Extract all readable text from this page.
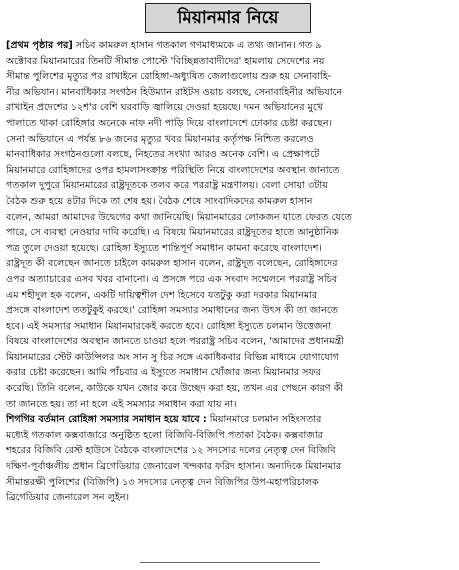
মিয়ানমার নিয়ে
[প্রথম পৃষ্ঠার পর] সচিব কামরুল হাসান গতকাল গণমাধ্যমকে এ তথ্য জানান। গত ৯
অক্টোবর মিয়ানমারের তিনটি সীমান্ত পোস্টে 'বিচ্ছিন্নতাবাদীদের' হামলায় সেদেশের নয়
সীমান্ত পুলিশের মৃত্যুর পর রাখাইনে রোহিঙ্গা-অধ্যুষিত জেলাগুলোয় শুরু হয় সেনাবাহি-
নীর অভিযান। মানবাধিকার সংগঠন হিউম্যান রাইটস ওয়াচ বলছে, সেনাবাহিনীর অভিযানে
রাখাইন প্রদেশের ১২শ'র বেশি ঘরবাড়ি জ্বালিয়ে দেওয়া হয়েছে। দমন অভিযানের মুখে
পালাতে থাকা রোহিঙ্গার অনেকে নাফ নদী পাড়ি দিয়ে বাংলাদেশে ঢোকার চেষ্টা করছেন।
সেনা অভিযানে এ পর্যন্ত ৮৬ জনের মৃত্যুর খবর মিয়ানমার কর্তৃপক্ষ নিশ্চিত করলেও
মানবাধিকার সংগঠনগুলো বলছে, নিহতের সংখ্যা আরও অনেক বেশি। এ প্রেক্ষাপটে
মিয়ানমারে রোহিঙ্গাদের ওপর হামলাসংক্রান্ত পরিস্থিতি নিয়ে বাংলাদেশের অবস্থান জানাতে
গতকাল দুপুরে মিয়ানমারের রাষ্ট্রদূতকে তলব করে পররাষ্ট্র মন্ত্রণালয়। বেলা সোয়া ৩টায়
বৈঠক শুরু হয়ে ৪টার দিকে তা শেষ হয়। বৈঠক শেষে সাংবাদিকদের কামরুল হাসান
বলেন, আমরা আমাদের উদ্বেগের কথা জানিয়েছি। মিয়ানমারের লোকজন যাতে ফেরত যেতে
পারে, সে ব্যবস্থা নেওয়ার দাবি করেছি। এ বিষয়ে মিয়ানমারের রাষ্ট্রদূতের হাতে আনুষ্ঠানিক
পত্র তুলে দেওয়া হয়েছে। রোহিঙ্গা ইস্যুতে শান্তিপূর্ণ সমাধান কামনা করেছে বাংলাদেশ।
রাষ্ট্রদূত কী বলেছেন জানতে চাইলে কামরুল হাসান বলেন, রাষ্ট্রদূত বলেছেন, রোহিঙ্গাদের
ওপর অত্যাচারের এসব খবর বানানো। এ প্রসঙ্গে পরে এক সংবাদ সম্মেলনে পররাষ্ট্র সচিব
এম শহীদুল হক বলেন, একটি দায়িত্বশীল দেশ হিসেবে যতটুকু করা দরকার মিয়ানমার
প্রসঙ্গে বাংলাদেশ ততটুকুই করছে।' রোহিঙ্গা সমস্যার সমাধানের জন্য উৎস কী তা জানতে
হবে। এই সমস্যার সমাধান মিয়ানমারকেই করতে হবে। রোহিঙ্গা ইস্যুতে চলমান উত্তেজনা
বিষয়ে বাংলাদেশের অবস্থান জানতে চাওয়া হলে পররাষ্ট্র সচিব বলেন, 'আমাদের প্রধানমন্ত্রী
মিয়ানমারের স্টেট কাউন্সিলর অং সান সু চির সঙ্গে একাধিকবার বিভিন্ন মাধ্যমে যোগাযোগ
করার চেষ্টা করেছেন। আমি পাঁচবার এ ইস্যুতে সমাধান খোঁজার জন্য মিয়ানমার সফর
করেছি। তিনি বলেন, কাউকে যখন জোর করে উচ্ছেদ করা হয়, তখন এর পেছনে কারণ কী
তা জানতে হয়। তা না হলে এই সমস্যার সমাধান করা যায় না।
শিগগির বর্তমান রোহিঙ্গা সমস্যার সমাধান হয়ে যাবে : মিয়ানমারে চলমান সহিংসতার
মধ্যেই গতকাল কক্সবাজারে অনুষ্ঠিত হলো বিজিবি-বিজিপি পতাকা বৈঠক। কক্সবাজার
শহরের বিজিবি রেস্ট হাউসে বৈঠকে বাংলাদেশের ১২ সদস্যের দলের নেতৃত্ব দেন বিজিবি
দক্ষিণ-পূর্বাঞ্চলীয় প্রধান ব্রিগেডিয়ার জেনারেল খন্দকার ফরিদ হাসান। অন্যদিকে মিয়ানমার
সীমান্তরক্ষী পুলিশের (বিজিপি) ১৩ সদস্যের নেতৃত্ব দেন বিজিপির উপ-মহাপরিচালক
ব্রিগেডিয়ার জেনারেল সন লুইন।
